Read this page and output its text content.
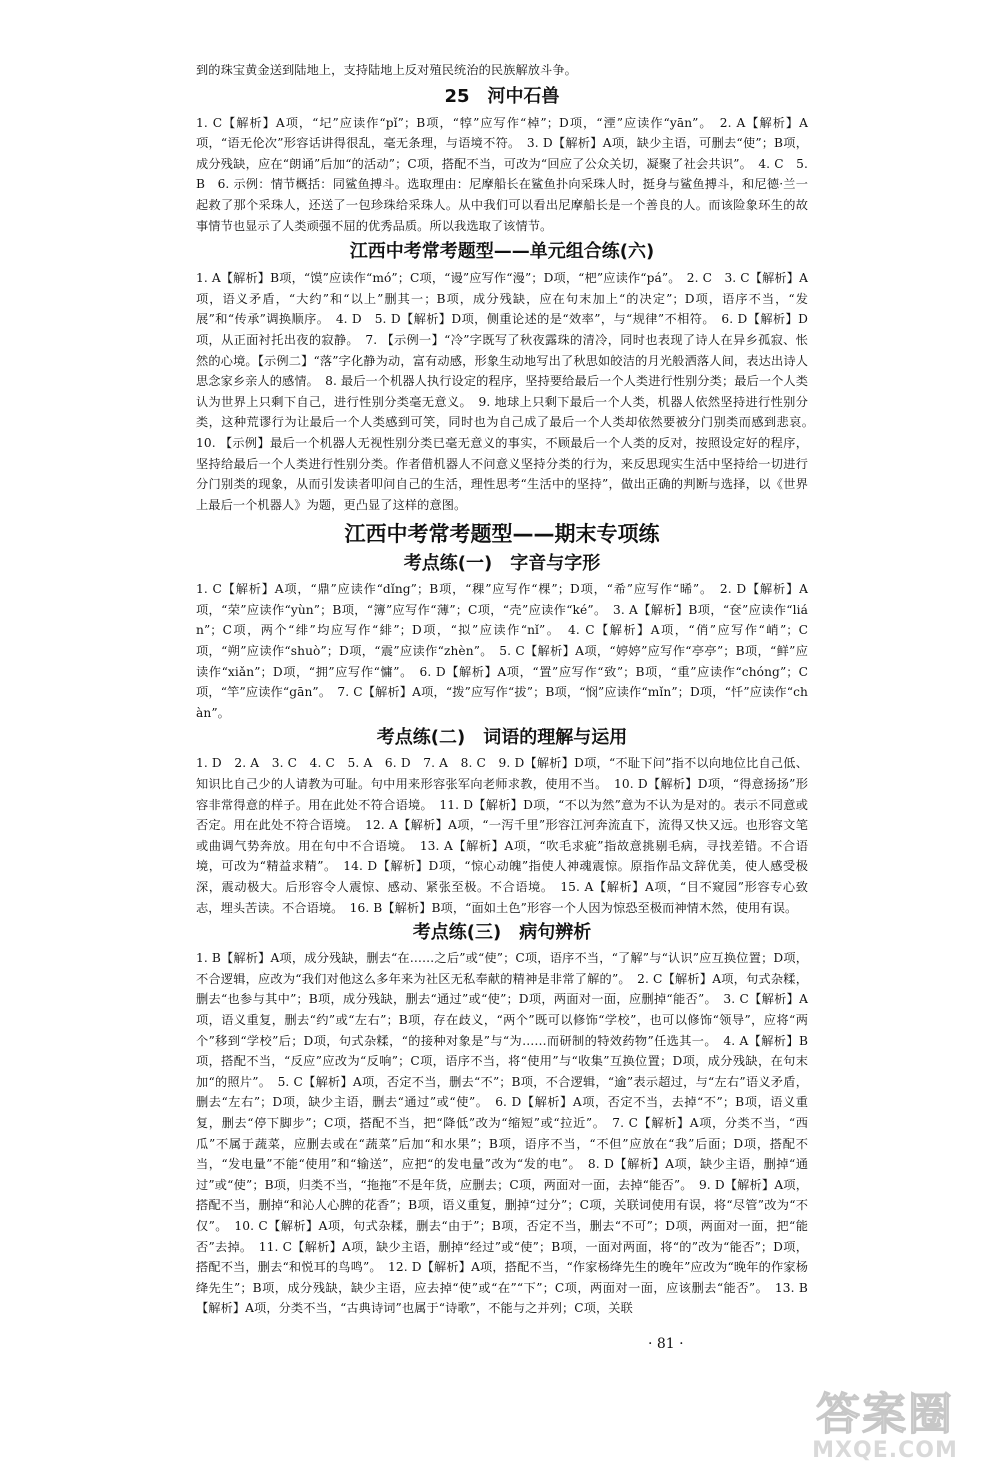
到的珠宝黄金送到陆地上，支持陆地上反对殖民统治的民族解放斗争。

25　河中石兽

1. C【解析】A项，“圮”应读作“pǐ”；B项，“犉”应写作“棹”；D项，“湮”应读作“yān”。　2. A【解析】A项，“语无伦次”形容话讲得很乱，毫无条理，与语境不符。　3. D【解析】A项，缺少主语，可删去“使”；B项，成分残缺，应在“朗诵”后加“的活动”；C项，搭配不当，可改为“回应了公众关切，凝聚了社会共识”。　4. C　5. B　6. 示例：情节概括：同鲨鱼搏斗。选取理由：尼摩船长在鲨鱼扑向采珠人时，挺身与鲨鱼搏斗，和尼德·兰一起救了那个采珠人，还送了一包珍珠给采珠人。从中我们可以看出尼摩船长是一个善良的人。而该险象环生的故事情节也显示了人类顽强不屈的优秀品质。所以我选取了该情节。

江西中考常考题型——单元组合练(六)

1. A【解析】B项，“馍”应读作“mó”；C项，“谩”应写作“漫”；D项，“杷”应读作“pá”。　2. C　3. C【解析】A项，语义矛盾，“大约”和“以上”删其一；B项，成分残缺，应在句末加上“的决定”；D项，语序不当，“发展”和“传承”调换顺序。　4. D　5. D【解析】D项，侧重论述的是“效率”，与“规律”不相符。　6. D【解析】D项，从正面衬托出夜的寂静。　7. 【示例一】“冷”字既写了秋夜露珠的清冷，同时也表现了诗人在异乡孤寂、怅然的心境。【示例二】“落”字化静为动，富有动感，形象生动地写出了秋思如皎洁的月光般洒落人间，表达出诗人思念家乡亲人的感情。　8. 最后一个机器人执行设定的程序，坚持要给最后一个人类进行性别分类；最后一个人类认为世界上只剩下自己，进行性别分类毫无意义。　9. 地球上只剩下最后一个人类，机器人依然坚持进行性别分类，这种荒谬行为让最后一个人类感到可笑，同时也为自己成了最后一个人类却依然要被分门别类而感到悲哀。　10. 【示例】最后一个机器人无视性别分类已毫无意义的事实，不顾最后一个人类的反对，按照设定好的程序，坚持给最后一个人类进行性别分类。作者借机器人不问意义坚持分类的行为，来反思现实生活中坚持给一切进行分门别类的现象，从而引发读者叩问自己的生活，理性思考“生活中的坚持”，做出正确的判断与选择，以《世界上最后一个机器人》为题，更凸显了这样的意图。

江西中考常考题型——期末专项练
考点练(一)　字音与字形

1. C【解析】A项，“鼎”应读作“dǐng”；B项，“稞”应写作“棵”；D项，“希”应写作“晞”。　2. D【解析】A项，“荣”应读作“yùn”；B项，“簿”应写作“薄”；C项，“壳”应读作“ké”。　3. A【解析】B项，“奁”应读作“lián”；C项，两个“绯”均应写作“緋”；D项，“拟”应读作“nǐ”。　4. C【解析】A项，“俏”应写作“峭”；C项，“朔”应读作“shuò”；D项，“震”应读作“zhèn”。　5. C【解析】A项，“婷婷”应写作“亭亭”；B项，“鲜”应读作“xiǎn”；D项，“拥”应写作“慵”。　6. D【解析】A项，“置”应写作“致”；B项，“重”应读作“chóng”；C项，“竿”应读作“gān”。　7. C【解析】A项，“拨”应写作“拔”；B项，“悯”应读作“mǐn”；D项，“忏”应读作“chàn”。

考点练(二)　词语的理解与运用

1. D　2. A　3. C　4. C　5. A　6. D　7. A　8. C　9. D【解析】D项，“不耻下问”指不以向地位比自己低、知识比自己少的人请教为可耻。句中用来形容张军向老师求教，使用不当。　10. D【解析】D项，“得意扬扬”形容非常得意的样子。用在此处不符合语境。　11. D【解析】D项，“不以为然”意为不认为是对的。表示不同意或否定。用在此处不符合语境。　12. A【解析】A项，“一泻千里”形容江河奔流直下，流得又快又远。也形容文笔或曲调气势奔放。用在句中不合语境。　13. A【解析】A项，“吹毛求疵”指故意挑剔毛病，寻找差错。不合语境，可改为“精益求精”。　14. D【解析】D项，“惊心动魄”指使人神魂震惊。原指作品文辞优美，使人感受极深，震动极大。后形容令人震惊、感动、紧张至极。不合语境。　15. A【解析】A项，“目不窥园”形容专心致志，埋头苦读。不合语境。　16. B【解析】B项，“面如土色”形容一个人因为惊恐至极而神情木然，使用有误。

考点练(三)　病句辨析

1. B【解析】A项，成分残缺，删去“在……之后”或“使”；C项，语序不当，“了解”与“认识”应互换位置；D项，不合逻辑，应改为“我们对他这么多年来为社区无私奉献的精神是非常了解的”。　2. C【解析】A项，句式杂糅，删去“也参与其中”；B项，成分残缺，删去“通过”或“使”；D项，两面对一面，应删掉“能否”。　3. C【解析】A项，语义重复，删去“约”或“左右”；B项，存在歧义，“两个”既可以修饰“学校”，也可以修饰“领导”，应将“两个”移到“学校”后；D项，句式杂糅，“的接种对象是”与“为……而研制的特效药物”任选其一。　4. A【解析】B项，搭配不当，“反应”应改为“反响”；C项，语序不当，将“使用”与“收集”互换位置；D项，成分残缺，在句末加“的照片”。　5. C【解析】A项，否定不当，删去“不”；B项，不合逻辑，“逾”表示超过，与“左右”语义矛盾，删去“左右”；D项，缺少主语，删去“通过”或“使”。　6. D【解析】A项，否定不当，去掉“不”；B项，语义重复，删去“停下脚步”；C项，搭配不当，把“降低”改为“缩短”或“拉近”。　7. C【解析】A项，分类不当，“西瓜”不属于蔬菜，应删去或在“蔬菜”后加“和水果”；B项，语序不当，“不但”应放在“我”后面；D项，搭配不当，“发电量”不能“使用”和“输送”，应把“的发电量”改为“发的电”。　8. D【解析】A项，缺少主语，删掉“通过”或“使”；B项，归类不当，“拖拖”不是年货，应删去；C项，两面对一面，去掉“能否”。　9. D【解析】A项，搭配不当，删掉“和沁人心脾的花香”；B项，语义重复，删掉“过分”；C项，关联词使用有误，将“尽管”改为“不仅”。　10. C【解析】A项，句式杂糅，删去“由于”；B项，否定不当，删去“不可”；D项，两面对一面，把“能否”去掉。　11. C【解析】A项，缺少主语，删掉“经过”或“使”；B项，一面对两面，将“的”改为“能否”；D项，搭配不当，删去“和悦耳的鸟鸣”。　12. D【解析】A项，搭配不当，“作家杨绛先生的晚年”应改为“晚年的作家杨绛先生”；B项，成分残缺，缺少主语，应去掉“使”或“在”“下”；C项，两面对一面，应该删去“能否”。　13. B【解析】A项，分类不当，“古典诗词”也属于“诗歌”，不能与之并列；C项，关联

· 81 ·
答案圈
MXQE.COM
